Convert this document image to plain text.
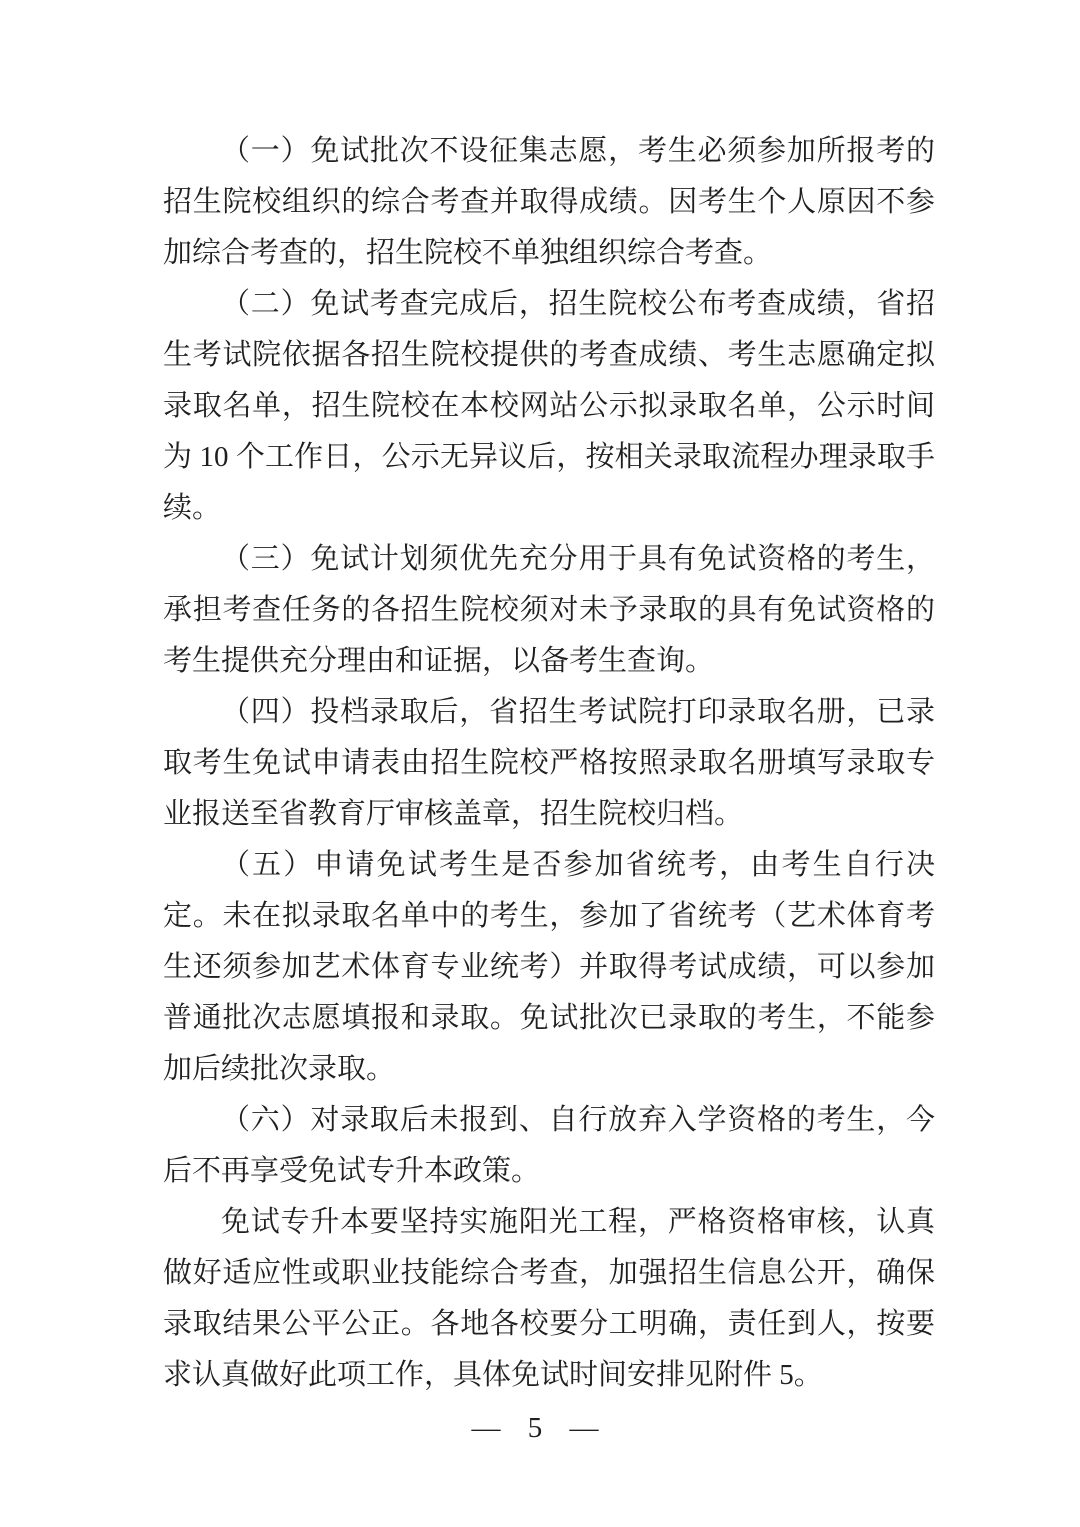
（一）免试批次不设征集志愿，考生必须参加所报考的招生院校组织的综合考查并取得成绩。因考生个人原因不参加综合考查的，招生院校不单独组织综合考查。

（二）免试考查完成后，招生院校公布考查成绩，省招生考试院依据各招生院校提供的考查成绩、考生志愿确定拟录取名单，招生院校在本校网站公示拟录取名单，公示时间为 10 个工作日，公示无异议后，按相关录取流程办理录取手续。

（三）免试计划须优先充分用于具有免试资格的考生，承担考查任务的各招生院校须对未予录取的具有免试资格的考生提供充分理由和证据，以备考生查询。

（四）投档录取后，省招生考试院打印录取名册，已录取考生免试申请表由招生院校严格按照录取名册填写录取专业报送至省教育厅审核盖章，招生院校归档。

（五）申请免试考生是否参加省统考，由考生自行决定。未在拟录取名单中的考生，参加了省统考（艺术体育考生还须参加艺术体育专业统考）并取得考试成绩，可以参加普通批次志愿填报和录取。免试批次已录取的考生，不能参加后续批次录取。

（六）对录取后未报到、自行放弃入学资格的考生，今后不再享受免试专升本政策。

免试专升本要坚持实施阳光工程，严格资格审核，认真做好适应性或职业技能综合考查，加强招生信息公开，确保录取结果公平公正。各地各校要分工明确，责任到人，按要求认真做好此项工作，具体免试时间安排见附件 5。

— 5 —
